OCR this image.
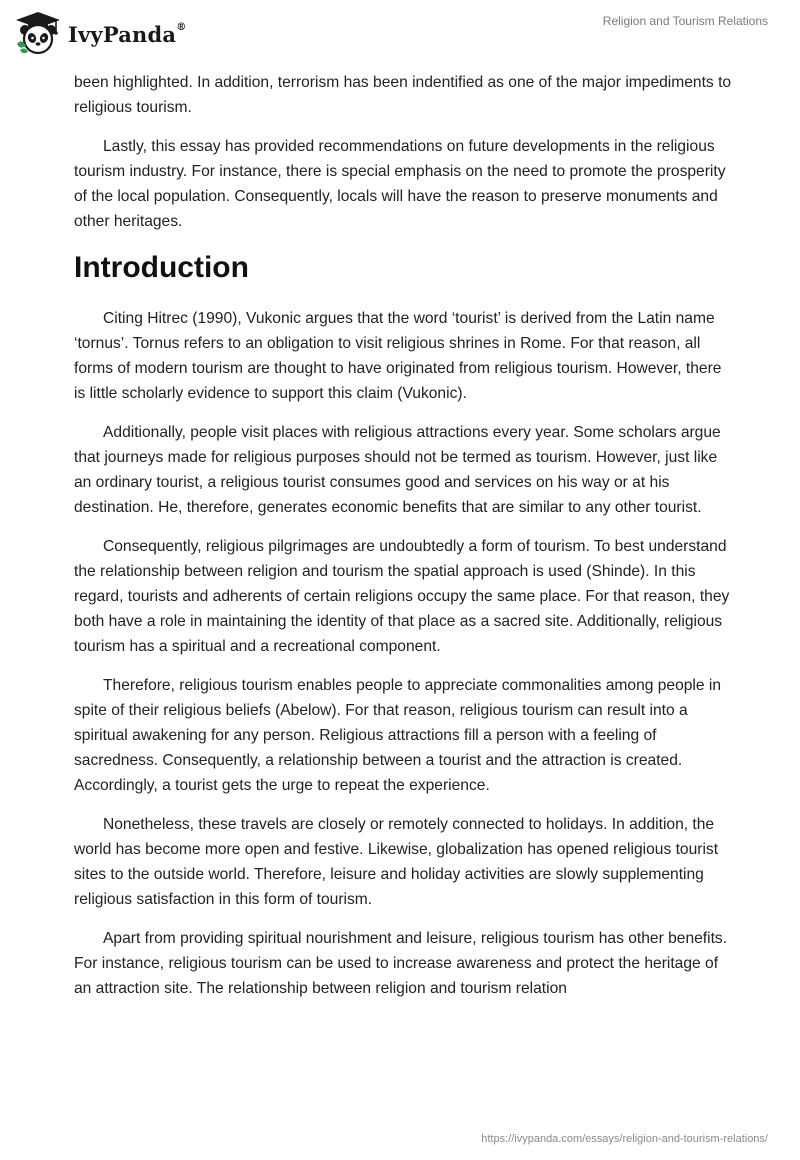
IvyPanda®	Religion and Tourism Relations

been highlighted. In addition, terrorism has been indentified as one of the major impediments to religious tourism.

Lastly, this essay has provided recommendations on future developments in the religious tourism industry. For instance, there is special emphasis on the need to promote the prosperity of the local population. Consequently, locals will have the reason to preserve monuments and other heritages.

Introduction

Citing Hitrec (1990), Vukonic argues that the word ‘tourist’ is derived from the Latin name ‘tornus’. Tornus refers to an obligation to visit religious shrines in Rome. For that reason, all forms of modern tourism are thought to have originated from religious tourism. However, there is little scholarly evidence to support this claim (Vukonic).

Additionally, people visit places with religious attractions every year. Some scholars argue that journeys made for religious purposes should not be termed as tourism. However, just like an ordinary tourist, a religious tourist consumes good and services on his way or at his destination. He, therefore, generates economic benefits that are similar to any other tourist.

Consequently, religious pilgrimages are undoubtedly a form of tourism. To best understand the relationship between religion and tourism the spatial approach is used (Shinde). In this regard, tourists and adherents of certain religions occupy the same place. For that reason, they both have a role in maintaining the identity of that place as a sacred site. Additionally, religious tourism has a spiritual and a recreational component.

Therefore, religious tourism enables people to appreciate commonalities among people in spite of their religious beliefs (Abelow). For that reason, religious tourism can result into a spiritual awakening for any person. Religious attractions fill a person with a feeling of sacredness. Consequently, a relationship between a tourist and the attraction is created. Accordingly, a tourist gets the urge to repeat the experience.

Nonetheless, these travels are closely or remotely connected to holidays. In addition, the world has become more open and festive. Likewise, globalization has opened religious tourist sites to the outside world. Therefore, leisure and holiday activities are slowly supplementing religious satisfaction in this form of tourism.

Apart from providing spiritual nourishment and leisure, religious tourism has other benefits. For instance, religious tourism can be used to increase awareness and protect the heritage of an attraction site. The relationship between religion and tourism relation

https://ivypanda.com/essays/religion-and-tourism-relations/
